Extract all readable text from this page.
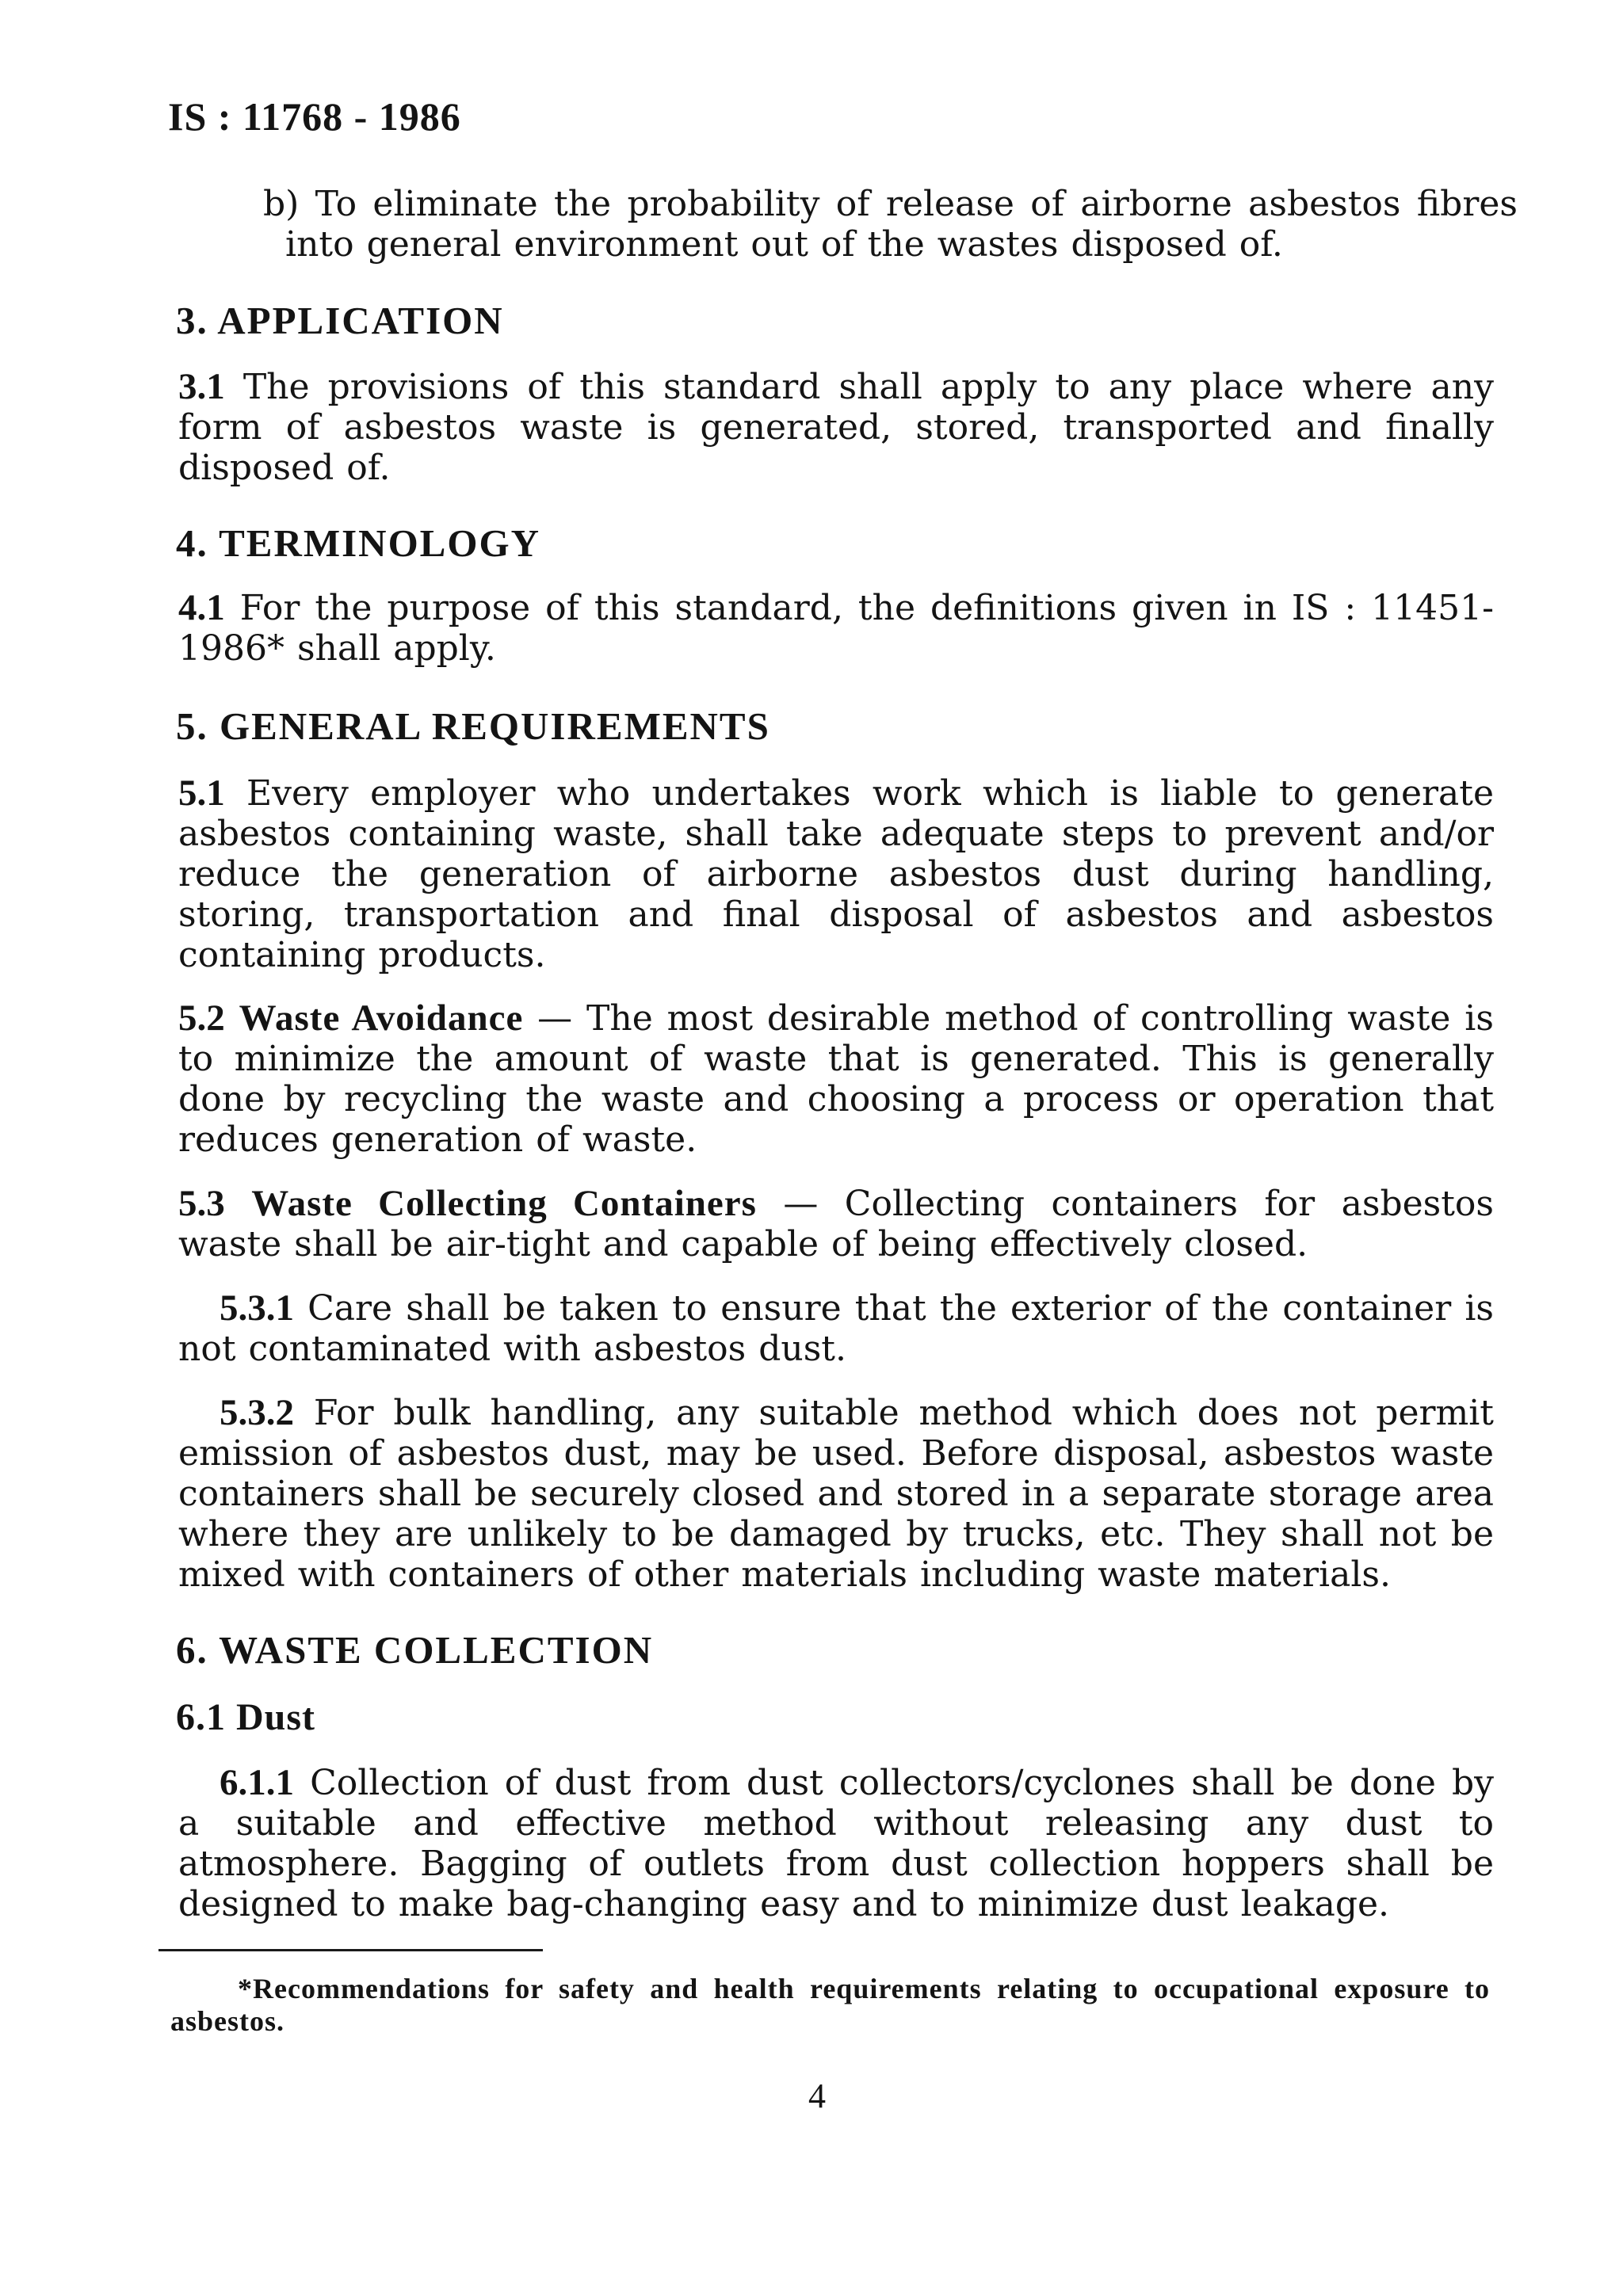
IS : 11768 - 1986
b) To eliminate the probability of release of airborne asbestos fibres into general environment out of the wastes disposed of.
3. APPLICATION
3.1 The provisions of this standard shall apply to any place where any form of asbestos waste is generated, stored, transported and finally disposed of.
4. TERMINOLOGY
4.1 For the purpose of this standard, the definitions given in IS : 11451-1986* shall apply.
5. GENERAL REQUIREMENTS
5.1 Every employer who undertakes work which is liable to generate asbestos containing waste, shall take adequate steps to prevent and/or reduce the generation of airborne asbestos dust during handling, storing, transportation and final disposal of asbestos and asbestos containing products.
5.2 Waste Avoidance — The most desirable method of controlling waste is to minimize the amount of waste that is generated. This is generally done by recycling the waste and choosing a process or operation that reduces generation of waste.
5.3 Waste Collecting Containers — Collecting containers for asbestos waste shall be air-tight and capable of being effectively closed.
5.3.1 Care shall be taken to ensure that the exterior of the container is not contaminated with asbestos dust.
5.3.2 For bulk handling, any suitable method which does not permit emission of asbestos dust, may be used. Before disposal, asbestos waste containers shall be securely closed and stored in a separate storage area where they are unlikely to be damaged by trucks, etc. They shall not be mixed with containers of other materials including waste materials.
6. WASTE COLLECTION
6.1 Dust
6.1.1 Collection of dust from dust collectors/cyclones shall be done by a suitable and effective method without releasing any dust to atmosphere. Bagging of outlets from dust collection hoppers shall be designed to make bag-changing easy and to minimize dust leakage.
*Recommendations for safety and health requirements relating to occupational exposure to asbestos.
4
